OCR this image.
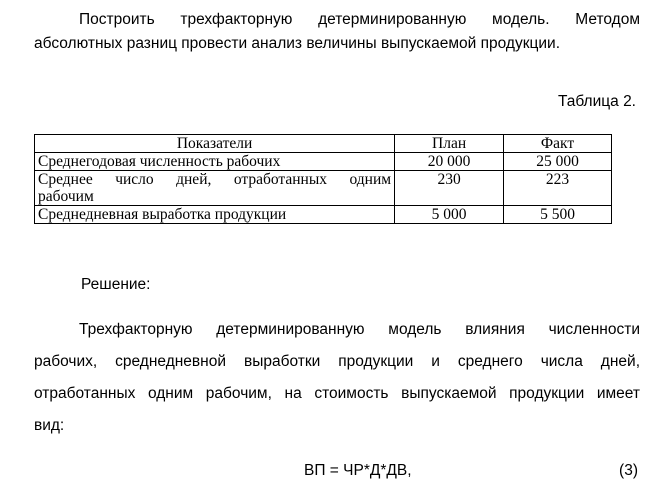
Построить трехфакторную детерминированную модель. Методом
абсолютных разниц провести анализ величины выпускаемой продукции.
Таблица 2.
Показатели	План	Факт
Среднегодовая численность рабочих	20 000	25 000

Среднее число дней, отработанных одним
рабочим	230	223
Среднедневная выработка продукции	5 000	5 500
Решение:
Трехфакторную детерминированную модель влияния численности
рабочих, среднедневной выработки продукции и среднего числа дней,
отработанных одним рабочим, на стоимость выпускаемой продукции имеет
вид:
ВП = ЧР*Д*ДВ,	(3)
